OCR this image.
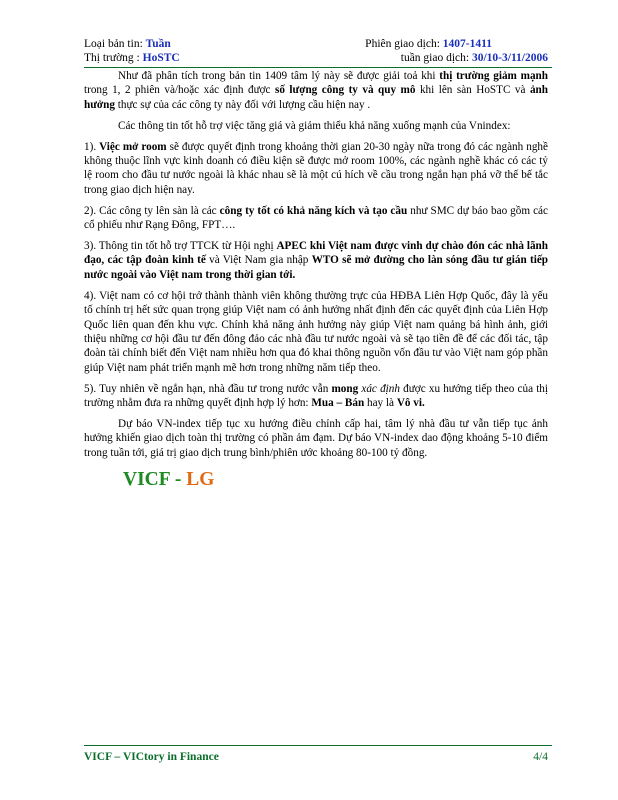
Loại bản tin: Tuần	Phiên giao dịch: 1407-1411
Thị trường : HoSTC	tuần giao dịch: 30/10-3/11/2006

Như đã phân tích trong bản tin 1409 tâm lý này sẽ được giải toả khi thị trường giảm mạnh trong 1, 2 phiên và/hoặc xác định được số lượng công ty và quy mô khi lên sàn HoSTC và ảnh hưởng thực sự của các công ty này đối với lượng cầu hiện nay .

Các thông tin tốt hỗ trợ việc tăng giá và giảm thiểu khả năng xuống mạnh của Vnindex:

1). Việc mở room sẽ được quyết định trong khoảng thời gian 20-30 ngày nữa trong đó các ngành nghề không thuộc lĩnh vực kinh doanh có điều kiện sẽ được mở room 100%, các ngành nghề khác có các tỷ lệ room cho đầu tư nước ngoài là khác nhau sẽ là một cú hích về cầu trong ngắn hạn phá vỡ thế bế tắc trong giao dịch hiện nay.

2). Các công ty lên sàn là các công ty tốt có khả năng kích và tạo cầu như SMC dự báo bao gồm các cổ phiếu như Rạng Đông, FPT….

3). Thông tin tốt hỗ trợ TTCK từ Hội nghị APEC khi Việt nam được vinh dự chào đón các nhà lãnh đạo, các tập đoàn kinh tế và Việt Nam gia nhập WTO sẽ mở đường cho làn sóng đầu tư gián tiếp nước ngoài vào Việt nam trong thời gian tới.

4). Việt nam có cơ hội trở thành thành viên không thường trực của HĐBA Liên Hợp Quốc, đây là yếu tố chính trị hết sức quan trọng giúp Việt nam có ảnh hưởng nhất định đến các quyết định của Liên Hợp Quốc liên quan đến khu vực. Chính khả năng ảnh hưởng này giúp Việt nam quảng bá hình ảnh, giới thiệu những cơ hội đầu tư đến đông đảo các nhà đầu tư nước ngoài và sẽ tạo tiền đề để các đối tác, tập đoàn tài chính biết đến Việt nam nhiều hơn qua đó khai thông nguồn vốn đầu tư vào Việt nam góp phần giúp Việt nam phát triển mạnh mẽ hơn trong những năm tiếp theo.

5). Tuy nhiên về ngắn hạn, nhà đầu tư trong nước vẫn mong xác định được xu hướng tiếp theo của thị trường nhằm đưa ra những quyết định hợp lý hơn: Mua – Bán hay là Vô vi.

Dự báo VN-index tiếp tục xu hướng điều chỉnh cấp hai, tâm lý nhà đầu tư vẫn tiếp tục ảnh hưởng khiến giao dịch toàn thị trường có phần ảm đạm. Dự báo VN-index dao động khoảng 5-10 điểm trong tuần tới, giá trị giao dịch trung bình/phiên ước khoảng 80-100 tỷ đồng.

VICF - LG
VICF – VICtory in Finance	4/4
